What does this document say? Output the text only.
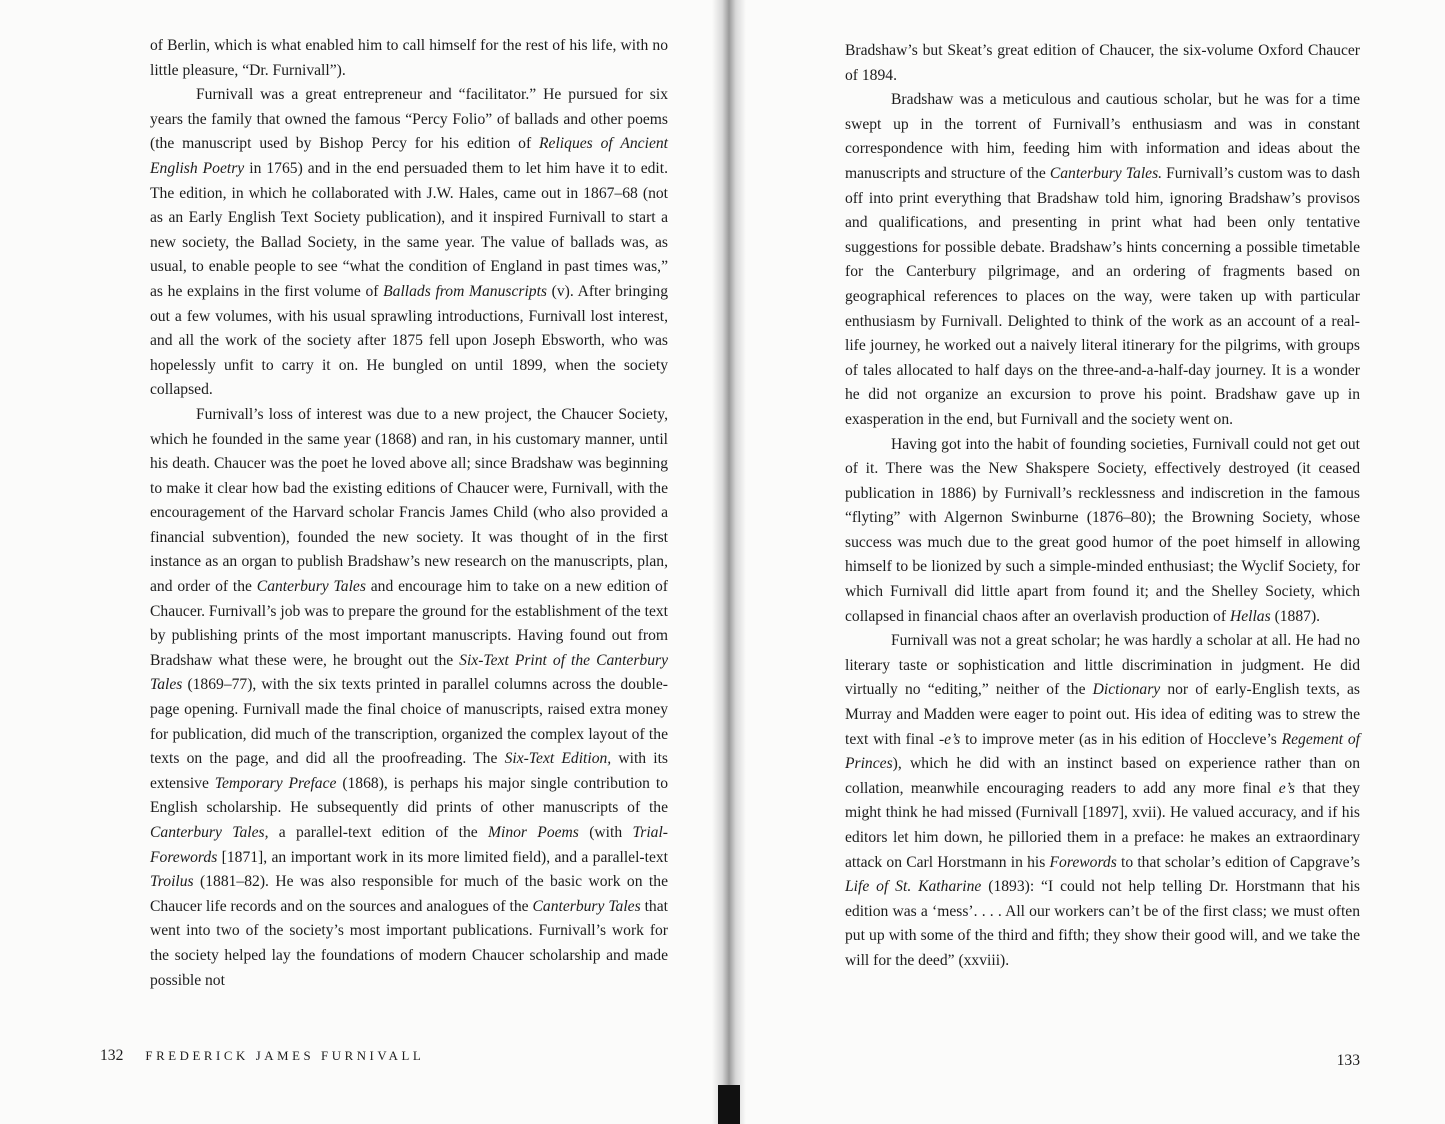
of Berlin, which is what enabled him to call himself for the rest of his life, with no little pleasure, “Dr. Furnivall”).

Furnivall was a great entrepreneur and “facilitator.” He pursued for six years the family that owned the famous “Percy Folio” of ballads and other poems (the manuscript used by Bishop Percy for his edition of Reliques of Ancient English Poetry in 1765) and in the end persuaded them to let him have it to edit. The edition, in which he collaborated with J.W. Hales, came out in 1867–68 (not as an Early English Text Society publication), and it inspired Furnivall to start a new society, the Ballad Society, in the same year. The value of ballads was, as usual, to enable people to see “what the condition of England in past times was,” as he explains in the first volume of Ballads from Manuscripts (v). After bringing out a few volumes, with his usual sprawling introductions, Furnivall lost interest, and all the work of the society after 1875 fell upon Joseph Ebsworth, who was hopelessly unfit to carry it on. He bungled on until 1899, when the society collapsed.

Furnivall’s loss of interest was due to a new project, the Chaucer Society, which he founded in the same year (1868) and ran, in his customary manner, until his death. Chaucer was the poet he loved above all; since Bradshaw was beginning to make it clear how bad the existing editions of Chaucer were, Furnivall, with the encouragement of the Harvard scholar Francis James Child (who also provided a financial subvention), founded the new society. It was thought of in the first instance as an organ to publish Bradshaw’s new research on the manuscripts, plan, and order of the Canterbury Tales and encourage him to take on a new edition of Chaucer. Furnivall’s job was to prepare the ground for the establishment of the text by publishing prints of the most important manuscripts. Having found out from Bradshaw what these were, he brought out the Six-Text Print of the Canterbury Tales (1869–77), with the six texts printed in parallel columns across the double-page opening. Furnivall made the final choice of manuscripts, raised extra money for publication, did much of the transcription, organized the complex layout of the texts on the page, and did all the proofreading. The Six-Text Edition, with its extensive Temporary Preface (1868), is perhaps his major single contribution to English scholarship. He subsequently did prints of other manuscripts of the Canterbury Tales, a parallel-text edition of the Minor Poems (with Trial-Forewords [1871], an important work in its more limited field), and a parallel-text Troilus (1881–82). He was also responsible for much of the basic work on the Chaucer life records and on the sources and analogues of the Canterbury Tales that went into two of the society’s most important publications. Furnivall’s work for the society helped lay the foundations of modern Chaucer scholarship and made possible not

132 FREDERICK JAMES FURNIVALL

Bradshaw’s but Skeat’s great edition of Chaucer, the six-volume Oxford Chaucer of 1894.

Bradshaw was a meticulous and cautious scholar, but he was for a time swept up in the torrent of Furnivall’s enthusiasm and was in constant correspondence with him, feeding him with information and ideas about the manuscripts and structure of the Canterbury Tales. Furnivall’s custom was to dash off into print everything that Bradshaw told him, ignoring Bradshaw’s provisos and qualifications, and presenting in print what had been only tentative suggestions for possible debate. Bradshaw’s hints concerning a possible timetable for the Canterbury pilgrimage, and an ordering of fragments based on geographical references to places on the way, were taken up with particular enthusiasm by Furnivall. Delighted to think of the work as an account of a real-life journey, he worked out a naively literal itinerary for the pilgrims, with groups of tales allocated to half days on the three-and-a-half-day journey. It is a wonder he did not organize an excursion to prove his point. Bradshaw gave up in exasperation in the end, but Furnivall and the society went on.

Having got into the habit of founding societies, Furnivall could not get out of it. There was the New Shakspere Society, effectively destroyed (it ceased publication in 1886) by Furnivall’s recklessness and indiscretion in the famous “flyting” with Algernon Swinburne (1876–80); the Browning Society, whose success was much due to the great good humor of the poet himself in allowing himself to be lionized by such a simple-minded enthusiast; the Wyclif Society, for which Furnivall did little apart from found it; and the Shelley Society, which collapsed in financial chaos after an overlavish production of Hellas (1887).

Furnivall was not a great scholar; he was hardly a scholar at all. He had no literary taste or sophistication and little discrimination in judgment. He did virtually no “editing,” neither of the Dictionary nor of early-English texts, as Murray and Madden were eager to point out. His idea of editing was to strew the text with final -e’s to improve meter (as in his edition of Hoccleve’s Regement of Princes), which he did with an instinct based on experience rather than on collation, meanwhile encouraging readers to add any more final e’s that they might think he had missed (Furnivall [1897], xvii). He valued accuracy, and if his editors let him down, he pilloried them in a preface: he makes an extraordinary attack on Carl Horstmann in his Forewords to that scholar’s edition of Capgrave’s Life of St. Katharine (1893): “I could not help telling Dr. Horstmann that his edition was a ‘mess’. . . . All our workers can’t be of the first class; we must often put up with some of the third and fifth; they show their good will, and we take the will for the deed” (xxviii).

133
